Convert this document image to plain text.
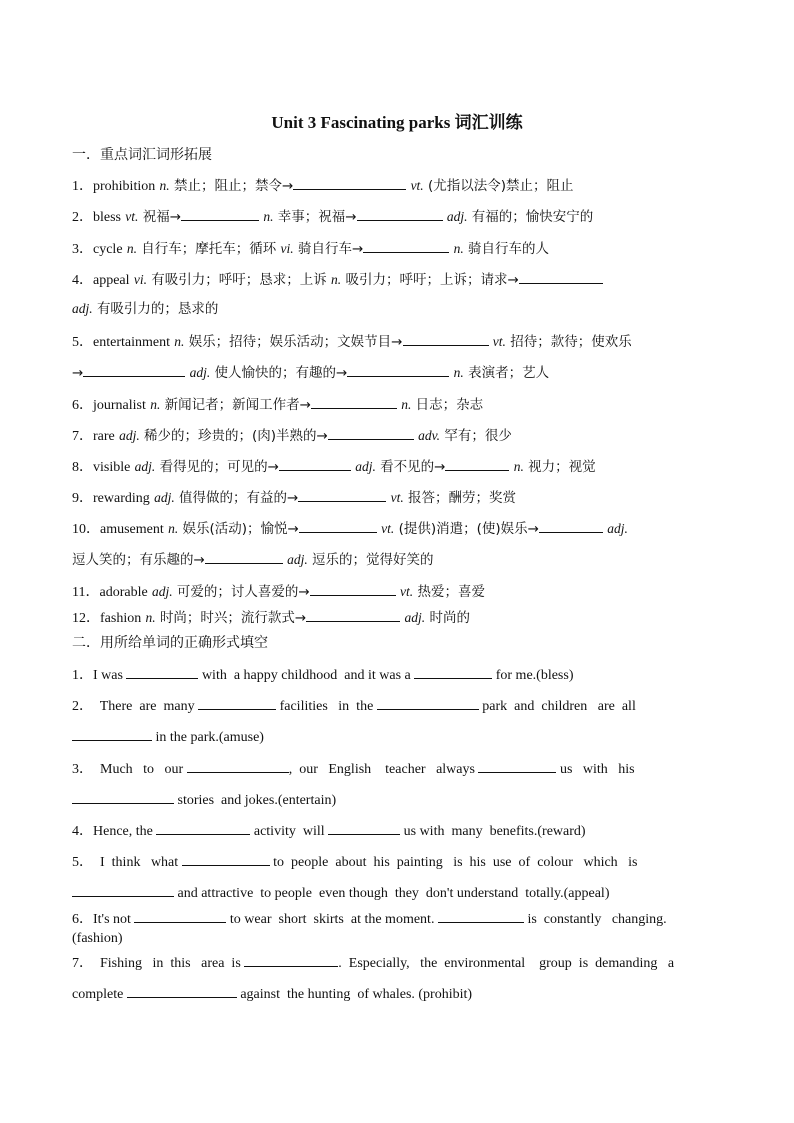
Unit 3 Fascinating parks 词汇训练
一．重点词汇词形拓展
1．prohibition n. 禁止；阻止；禁令→	vt. (尤指以法令)禁止；阻止
2．bless vt. 祝福→	n. 幸事；祝福→	adj. 有福的；愉快安宁的
3．cycle n. 自行车；摩托车；循环 vi. 骑自行车→	n. 骑自行车的人
4．appeal vi. 有吸引力；呼吁；恳求；上诉 n. 吸引力；呼吁；上诉；请求→
adj. 有吸引力的；恳求的
5．entertainment n. 娱乐；招待；娱乐活动；文娱节目→	vt. 招待；款待；使欢乐
→	adj. 使人愉快的；有趣的→	n. 表演者；艺人
6．journalist n. 新闻记者；新闻工作者→	n. 日志；杂志
7．rare adj. 稀少的；珍贵的；(肉)半熟的→	adv. 罕有；很少
8．visible adj. 看得见的；可见的→	adj. 看不见的→	n. 视力；视觉
9．rewarding adj. 值得做的；有益的→	vt. 报答；酬劳；奖赏
10．amusement n. 娱乐(活动)；愉悦→	vt. (提供)消遣；(使)娱乐→	adj.
逗人笑的；有乐趣的→	adj. 逗乐的；觉得好笑的
11．adorable adj. 可爱的；讨人喜爱的→	vt. 热爱；喜爱
12．fashion n. 时尚；时兴；流行款式→	adj. 时尚的
二．用所给单词的正确形式填空
1．I was	with  a happy childhood  and it was a	for me.(bless)
2．  There  are  many	facilities   in  the	park  and  children   are  all
in the park.(amuse)
3．  Much   to   our	,  our   English    teacher   always	us   with   his
stories  and jokes.(entertain)
4．Hence, the	activity  will	us with  many  benefits.(reward)
5．  I  think   what	to  people  about  his  painting   is  his  use  of  colour   which   is
and attractive  to people  even though  they  don't understand  totally.(appeal)
6．It's not	to wear  short  skirts  at the moment.	is  constantly   changing.
(fashion)
7．  Fishing   in  this   area  is	.  Especially,   the  environmental    group  is  demanding   a
complete	against  the hunting  of whales. (prohibit)
